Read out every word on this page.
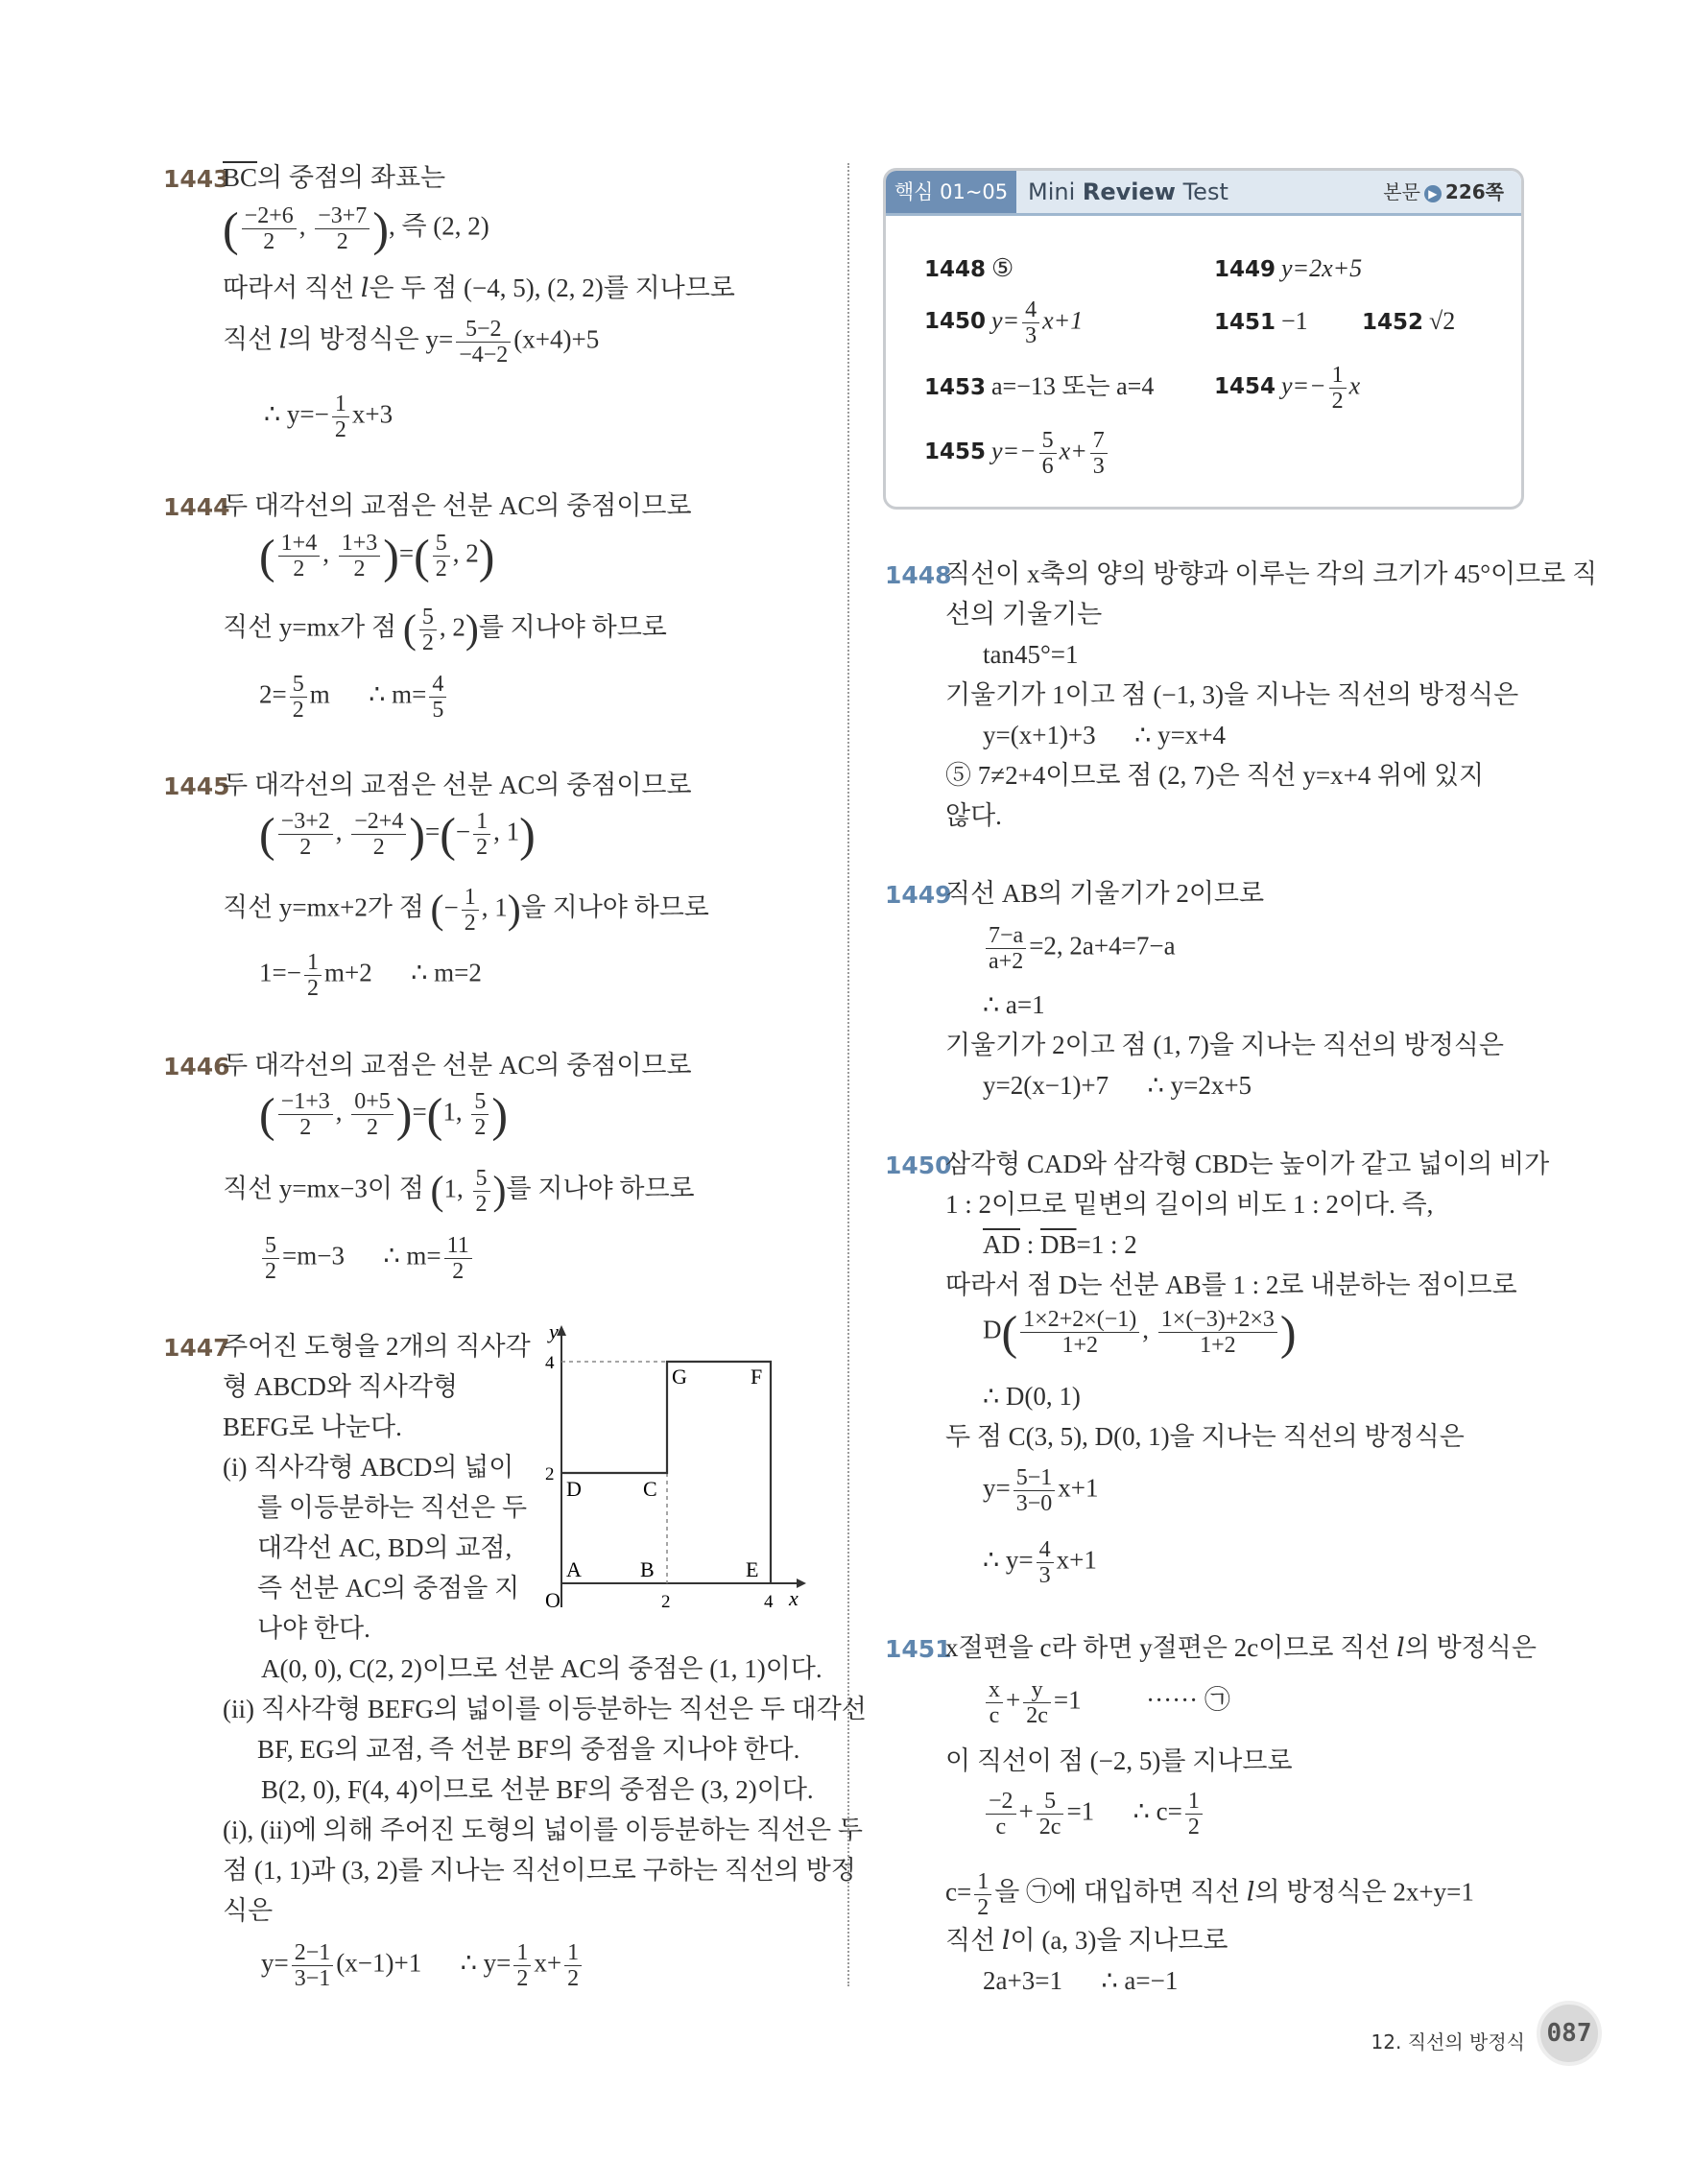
1443
$\overline{BC}$의 중점의 좌표는
( $\frac{-2+6}{2}$ , $\frac{-3+7}{2}$ ), 즉 (2, 2)
따라서 직선 𝑙은 두 점 (−4, 5), (2, 2)를 지나므로
직선 𝑙의 방정식은 $y= \frac{5-2}{-4-2} (x+4)+5$
∴ $y=- \frac{1}{2} x+3$
1444
두 대각선의 교점은 선분 AC의 중점이므로
( $\frac{1+4}{2}$ , $\frac{1+3}{2}$ )=( $\frac{5}{2}$ , 2)
직선 y=mx가 점 ( $\frac{5}{2}$ , 2)를 지나야 하므로
$2= \frac{5}{2}$ m ∴ $m= \frac{4}{5}$
1445
두 대각선의 교점은 선분 AC의 중점이므로
( $\frac{-3+2}{2}$ , $\frac{-2+4}{2}$ )=(− $\frac{1}{2}$ , 1)
직선 y=mx+2가 점 (− $\frac{1}{2}$ , 1)을 지나야 하므로
$1=- \frac{1}{2} m+2$ ∴ m=2
1446
두 대각선의 교점은 선분 AC의 중점이므로
( $\frac{-1+3}{2}$ , $\frac{0+5}{2} )=(1$, $\frac{5}{2}$ )
직선 y=mx−3이 점 (1, $\frac{5}{2}$ )를 지나야 하므로
$\frac{5}{2} =m-3$ ∴ $m= \frac{11}{2}$
1447
주어진 도형을 2개의 직사각
형 ABCD와 직사각형
BEFG로 나눈다.
(i) 직사각형 ABCD의 넓이
를 이등분하는 직선은 두
대각선 AC, BD의 교점,
즉 선분 AC의 중점을 지
나야 한다.
A(0, 0), C(2, 2)이므로 선분 AC의 중점은 (1, 1)이다.
(ii) 직사각형 BEFG의 넓이를 이등분하는 직선은 두 대각선
BF, EG의 교점, 즉 선분 BF의 중점을 지나야 한다.
B(2, 0), F(4, 4)이므로 선분 BF의 중점은 (3, 2)이다.
(i), (ii)에 의해 주어진 도형의 넓이를 이등분하는 직선은 두
점 (1, 1)과 (3, 2)를 지나는 직선이므로 구하는 직선의 방정
식은
$y= \frac{2-1}{3-1} (x-1)+1$ ∴ $y= \frac{1}{2} x+ \frac{1}{2}$
y
x
O	2	4
2
4
A	B
C
D
E
F
G
핵심 01~05 Mini Review Test	본문 ▶ 226쪽
1448 ⑤	1449 y=2x+5
1450 $y= \frac{4}{3} x+1$	1451 −1 1452 √2
1453 a=−13 또는 a=4	1454 $y=- \frac{1}{2}$ x
1455 $y=- \frac{5}{6} x+ \frac{7}{3}$
1448
직선이 x축의 양의 방향과 이루는 각의 크기가 45°이므로 직
선의 기울기는
tan45°=1
기울기가 1이고 점 (−1, 3)을 지나는 직선의 방정식은
y=(x+1)+3 ∴ y=x+4
⑤ 7≠2+4이므로 점 (2, 7)은 직선 y=x+4 위에 있지
않다.
1449
직선 AB의 기울기가 2이므로
$\frac{7-a}{a+2} =2$, 2a+4=7−a
∴ a=1
기울기가 2이고 점 (1, 7)을 지나는 직선의 방정식은
y=2(x−1)+7 ∴ y=2x+5
1450
삼각형 CAD와 삼각형 CBD는 높이가 같고 넓이의 비가
1 : 2이므로 밑변의 길이의 비도 1 : 2이다. 즉,
$\overline{AD}$ : $\overline{DB}=1$ : 2
따라서 점 D는 선분 AB를 1 : 2로 내분하는 점이므로
$D( \frac{1\times 2+2\times(-1)}{1+2}$ , $\frac{1\times(-3)+2\times 3}{1+2}$ )
∴ D(0, 1)
두 점 C(3, 5), D(0, 1)을 지나는 직선의 방정식은
$y= \frac{5-1}{3-0} x+1$
∴ $y= \frac{4}{3} x+1$
1451
x절편을 c라 하면 y절편은 2c이므로 직선 𝑙의 방정식은
$\frac{x}{c} + \frac{y}{2c} =1$	······ ㉠
이 직선이 점 (−2, 5)를 지나므로
$\frac{-2}{c} + \frac{5}{2c} =1$ ∴ $c= \frac{1}{2}$
$c= \frac{1}{2}$ 을 ㉠에 대입하면 직선 𝑙의 방정식은 2x+y=1
직선 𝑙이 (a, 3)을 지나므로
2a+3=1 ∴ a=−1
12. 직선의 방정식 087
